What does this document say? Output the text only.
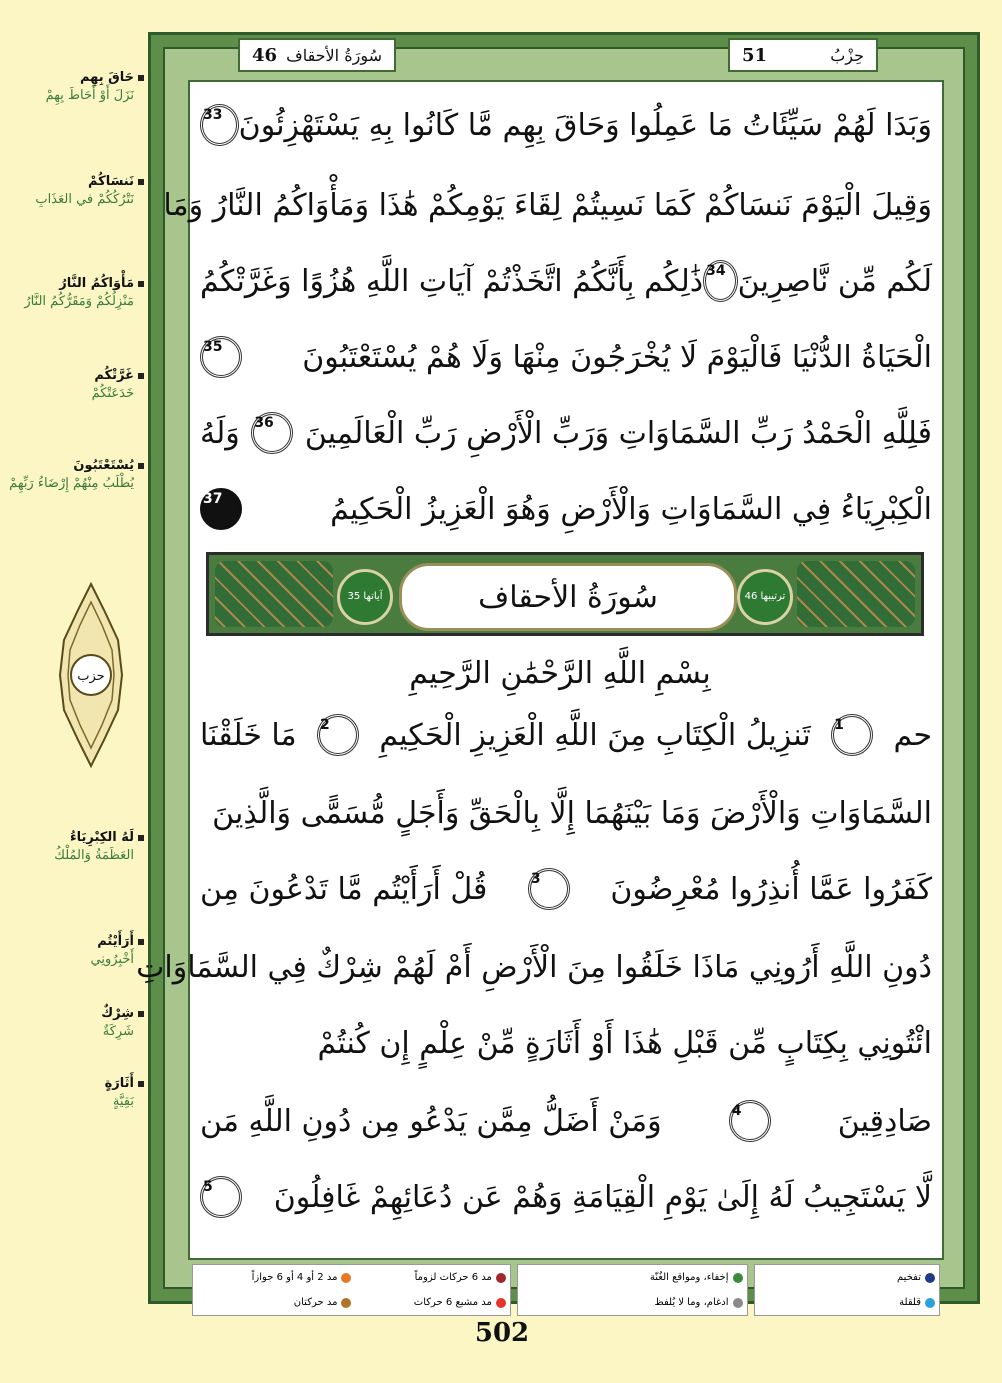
حَاقَ بِهِم
نَزَلَ أَوْ أَحَاطَ بِهِمْ
نَنسَاكُمْ
نَتْرُكُكُمْ في العَذَابِ
مَأْوَاكُمُ النَّارُ
مَنْزِلُكُمْ وَمَقَرُّكُمُ النَّارُ
غَرَّتْكُم
خَدَعَتْكُمْ
يُسْتَعْتَبُونَ
يُطْلَبُ مِنْهُمْ إِرْضَاءُ رَبِّهِمْ
لَهُ الكِبْرِيَاءُ
العَظَمَةُ وَالمُلْكُ
أَرَأَيْتُم
أَخْبِرُونِي
شِرْكٌ
شَرِكَةٌ
أَثَارَةٍ
بَقِيَّةٍ
حزب
46 سُورَةُ الأحقاف	حِزْبُ
51
وَبَدَا لَهُمْ سَيِّئَاتُ مَا عَمِلُوا وَحَاقَ بِهِم مَّا كَانُوا بِهِ يَسْتَهْزِئُونَ
33
وَقِيلَ الْيَوْمَ نَنسَاكُمْ كَمَا نَسِيتُمْ لِقَاءَ يَوْمِكُمْ هَٰذَا وَمَأْوَاكُمُ النَّارُ وَمَا
لَكُم مِّن نَّاصِرِينَ
34
ذَٰلِكُم بِأَنَّكُمُ اتَّخَذْتُمْ آيَاتِ اللَّهِ هُزُوًا وَغَرَّتْكُمُ
الْحَيَاةُ الدُّنْيَا فَالْيَوْمَ لَا يُخْرَجُونَ مِنْهَا وَلَا هُمْ يُسْتَعْتَبُونَ
35
فَلِلَّهِ الْحَمْدُ رَبِّ السَّمَاوَاتِ وَرَبِّ الْأَرْضِ رَبِّ الْعَالَمِينَ
36
وَلَهُ
الْكِبْرِيَاءُ فِي السَّمَاوَاتِ وَالْأَرْضِ وَهُوَ الْعَزِيزُ الْحَكِيمُ
37
حم
1
تَنزِيلُ الْكِتَابِ مِنَ اللَّهِ الْعَزِيزِ الْحَكِيمِ
2
مَا خَلَقْنَا
السَّمَاوَاتِ وَالْأَرْضَ وَمَا بَيْنَهُمَا إِلَّا بِالْحَقِّ وَأَجَلٍ مُّسَمًّى وَالَّذِينَ
كَفَرُوا عَمَّا أُنذِرُوا مُعْرِضُونَ
3
قُلْ أَرَأَيْتُم مَّا تَدْعُونَ مِن
دُونِ اللَّهِ أَرُونِي مَاذَا خَلَقُوا مِنَ الْأَرْضِ أَمْ لَهُمْ شِرْكٌ فِي السَّمَاوَاتِ
ائْتُونِي بِكِتَابٍ مِّن قَبْلِ هَٰذَا أَوْ أَثَارَةٍ مِّنْ عِلْمٍ إِن كُنتُمْ
صَادِقِينَ
4
وَمَنْ أَضَلُّ مِمَّن يَدْعُو مِن دُونِ اللَّهِ مَن
لَّا يَسْتَجِيبُ لَهُ إِلَىٰ يَوْمِ الْقِيَامَةِ وَهُمْ عَن دُعَائِهِمْ غَافِلُونَ
5
آياتها 35	ترتيبها 46
سُورَةُ الأحقاف
بِسْمِ اللَّهِ الرَّحْمَٰنِ الرَّحِيمِ
مد 6 حركات لزوماً
مد 2 أو 4 أو 6 جوازاً
مد مشبع 6 حركات
مد حركتان
إخفاء، ومواقع الغُنّة
ادغام، وما لا يُلفظ
تفخيم
قلقلة
502
